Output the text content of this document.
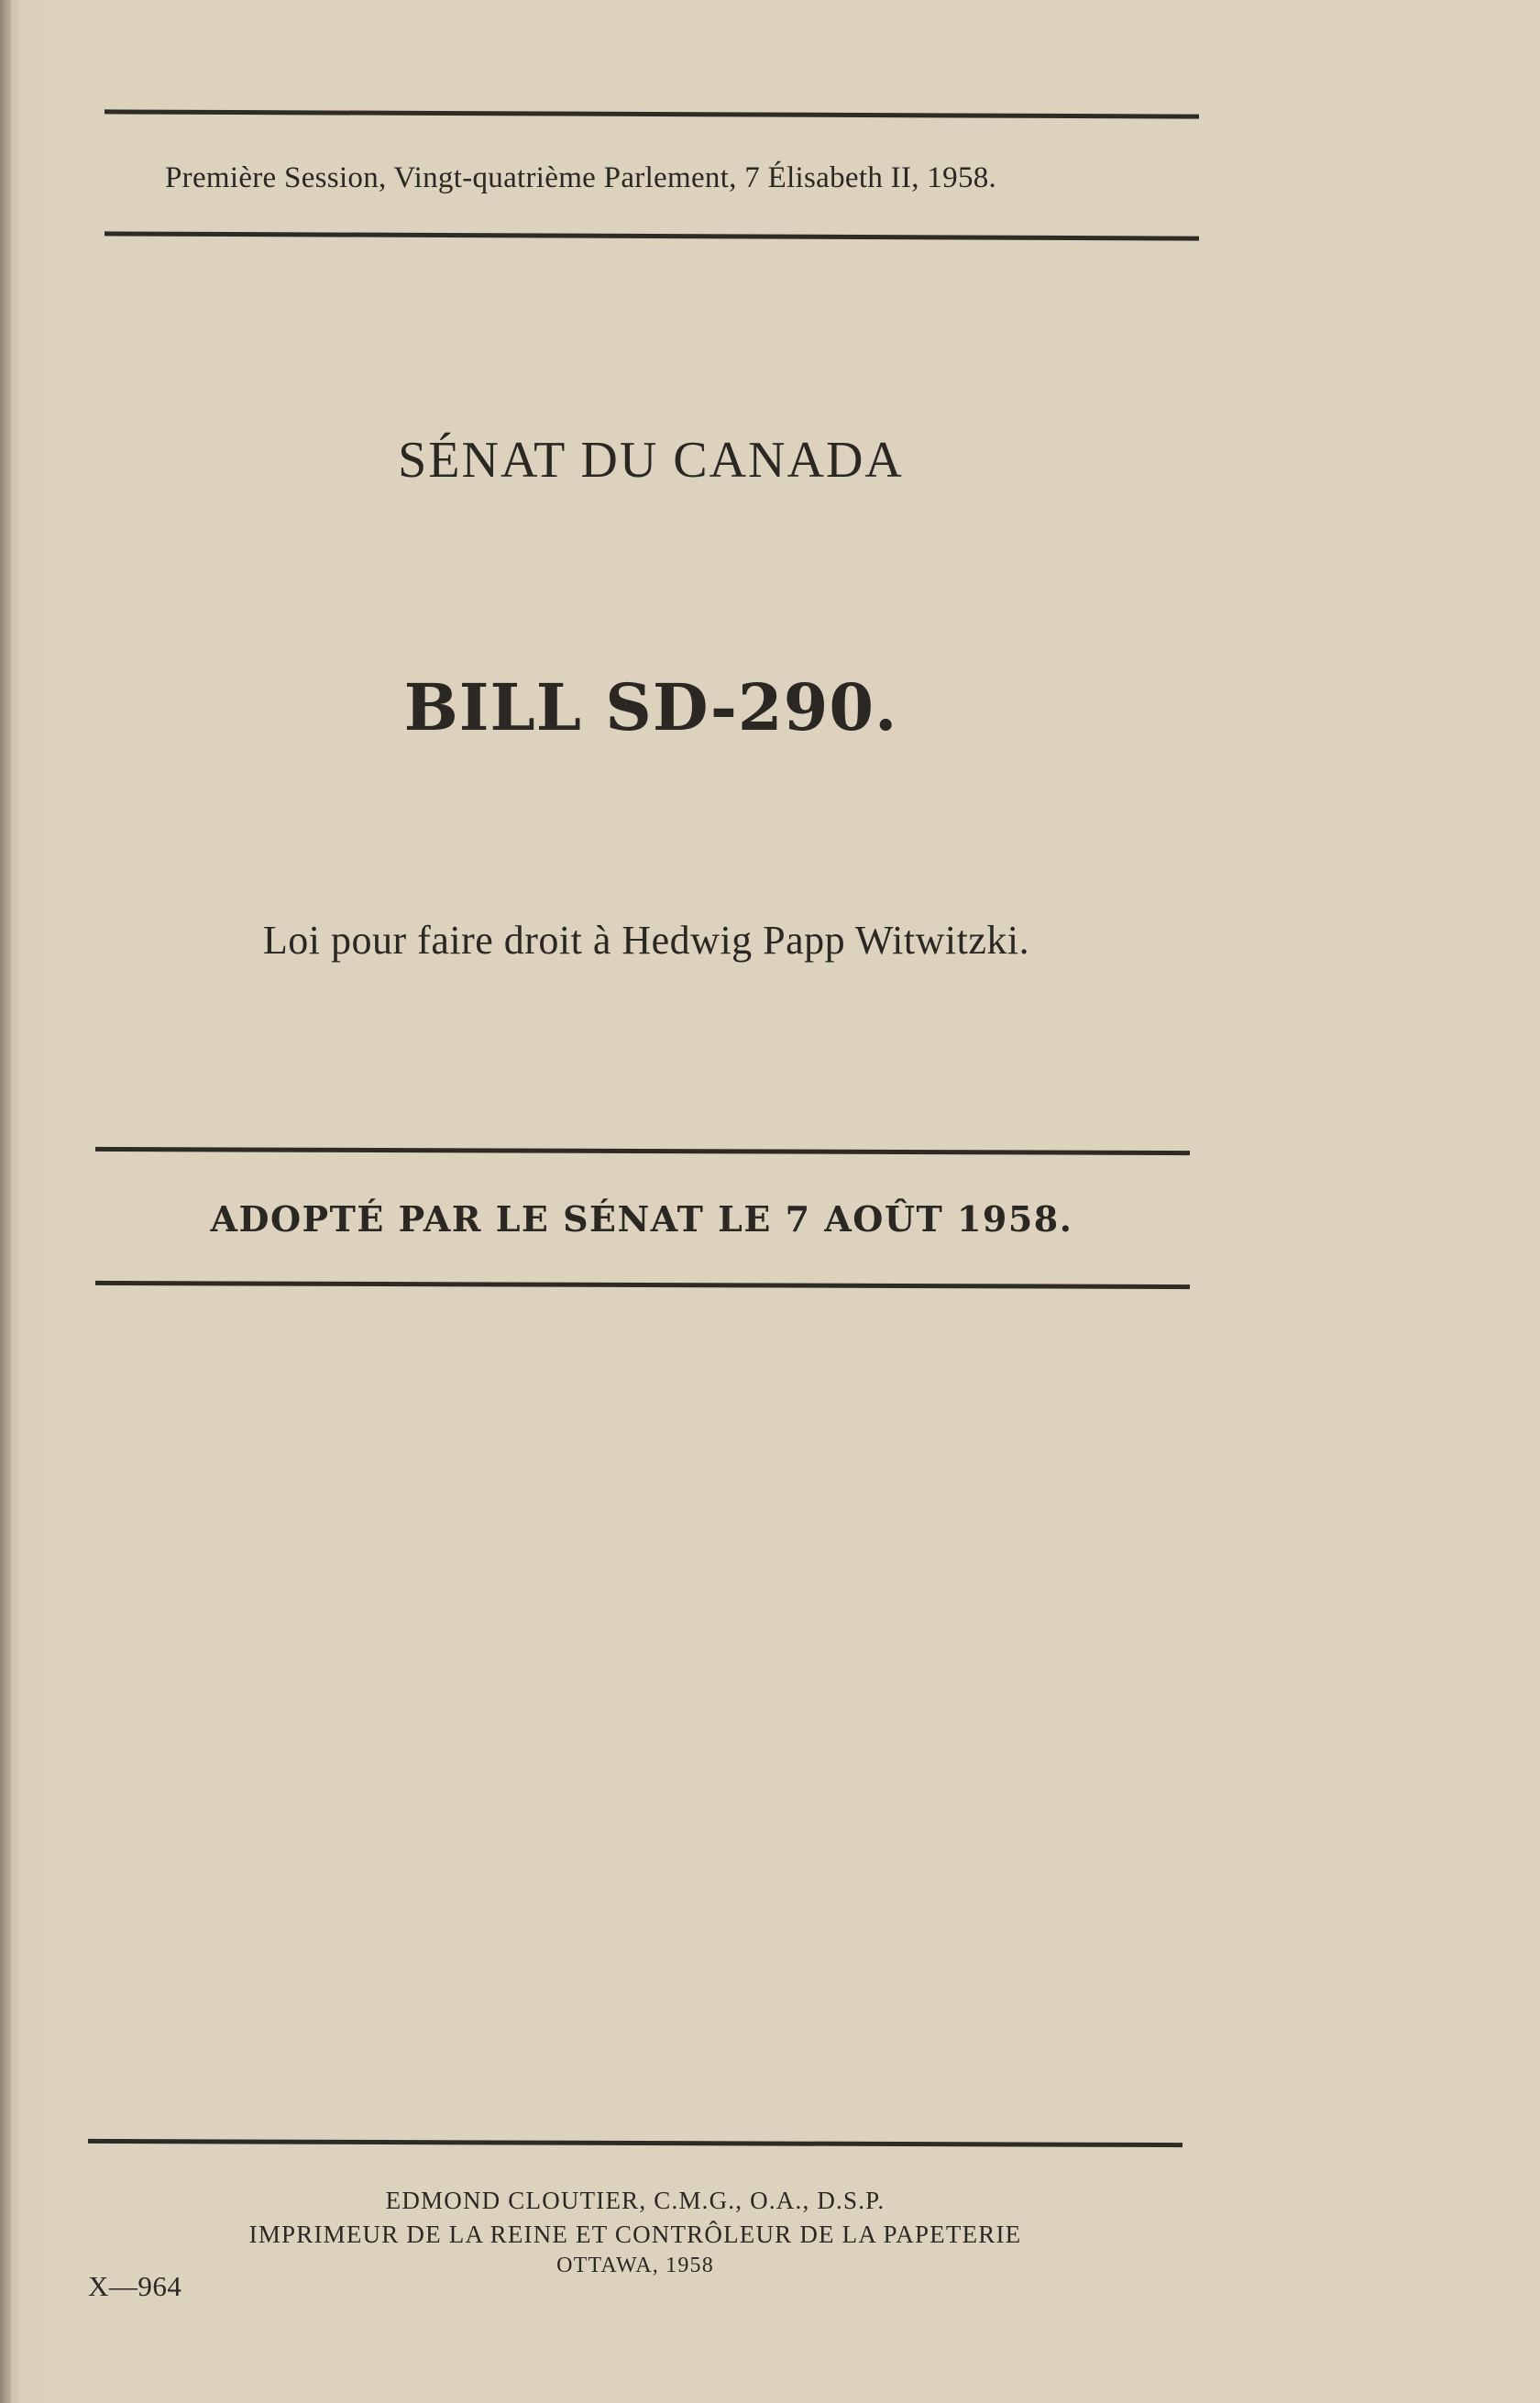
Première Session, Vingt-quatrième Parlement, 7 Élisabeth II, 1958.
SÉNAT DU CANADA
BILL SD-290.
Loi pour faire droit à Hedwig Papp Witwitzki.
ADOPTÉ PAR LE SÉNAT LE 7 AOÛT 1958.
EDMOND CLOUTIER, C.M.G., O.A., D.S.P.
IMPRIMEUR DE LA REINE ET CONTRÔLEUR DE LA PAPETERIE
OTTAWA, 1958
X—964
